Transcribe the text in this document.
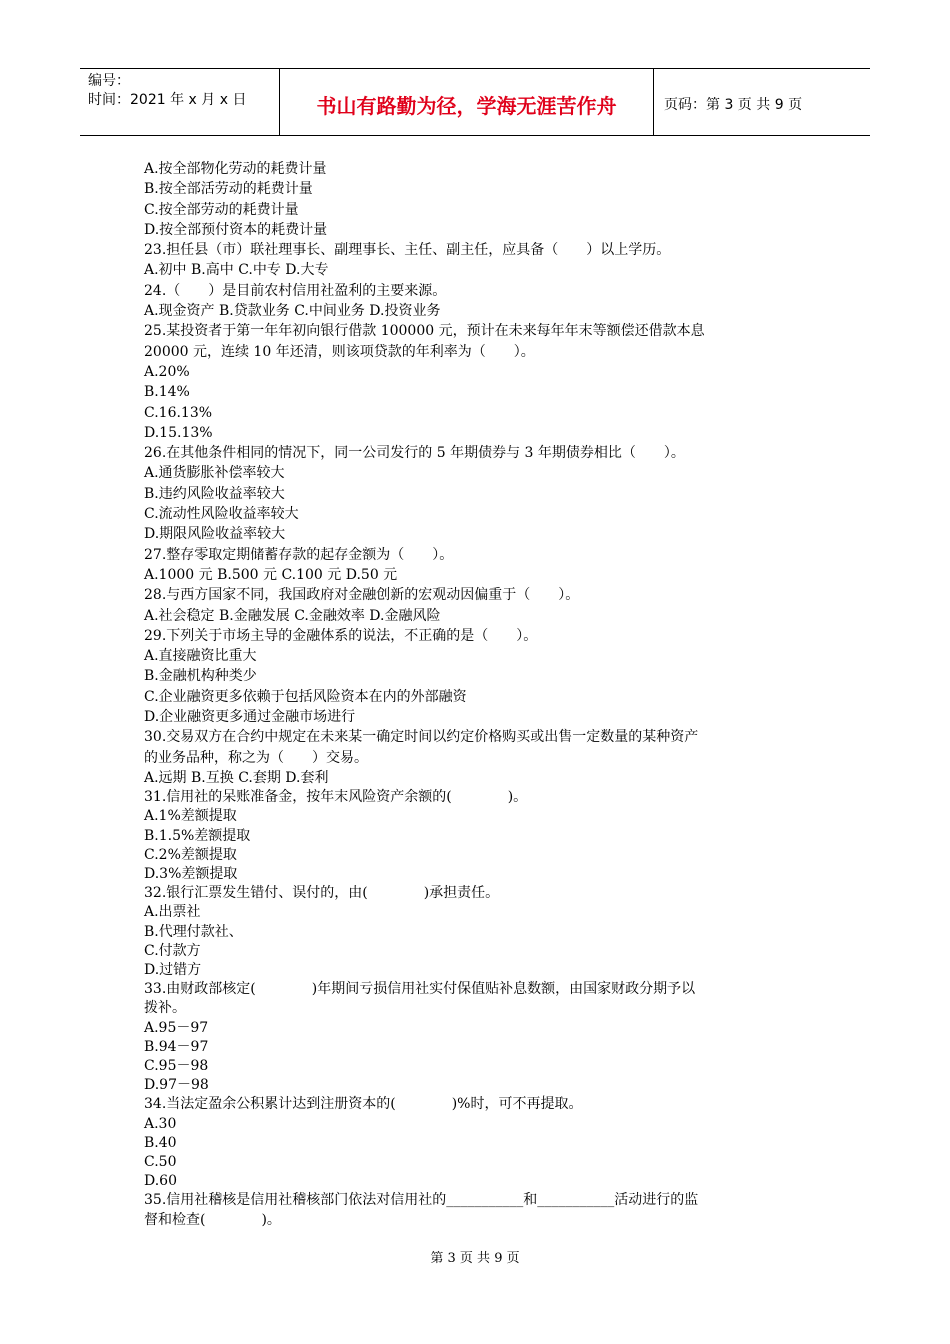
编号：
时间：2021 年 x 月 x 日	书山有路勤为径，学海无涯苦作舟	页码：第 3 页 共 9 页
A.按全部物化劳动的耗费计量
B.按全部活劳动的耗费计量
C.按全部劳动的耗费计量
D.按全部预付资本的耗费计量
23.担任县（市）联社理事长、副理事长、主任、副主任，应具备（　　）以上学历。
A.初中 B.高中 C.中专 D.大专
24.（　　）是目前农村信用社盈利的主要来源。
A.现金资产 B.贷款业务 C.中间业务 D.投资业务
25.某投资者于第一年年初向银行借款 100000 元，预计在未来每年年末等额偿还借款本息
20000 元，连续 10 年还清，则该项贷款的年利率为（　　）。
A.20%
B.14%
C.16.13%
D.15.13%
26.在其他条件相同的情况下，同一公司发行的 5 年期债券与 3 年期债券相比（　　）。
A.通货膨胀补偿率较大
B.违约风险收益率较大
C.流动性风险收益率较大
D.期限风险收益率较大
27.整存零取定期储蓄存款的起存金额为（　　）。
A.1000 元 B.500 元 C.100 元 D.50 元
28.与西方国家不同，我国政府对金融创新的宏观动因偏重于（　　）。
A.社会稳定 B.金融发展 C.金融效率 D.金融风险
29.下列关于市场主导的金融体系的说法，不正确的是（　　）。
A.直接融资比重大
B.金融机构种类少
C.企业融资更多依赖于包括风险资本在内的外部融资
D.企业融资更多通过金融市场进行
30.交易双方在合约中规定在未来某一确定时间以约定价格购买或出售一定数量的某种资产
的业务品种，称之为（　　）交易。
A.远期 B.互换 C.套期 D.套利
31.信用社的呆账准备金，按年末风险资产余额的(　　　　)。
A.1%差额提取
B.1.5%差额提取
C.2%差额提取
D.3%差额提取
32.银行汇票发生错付、误付的，由(　　　　)承担责任。
A.出票社
B.代理付款社、
C.付款方
D.过错方
33.由财政部核定(　　　　)年期间亏损信用社实付保值贴补息数额，由国家财政分期予以
拨补。
A.95－97
B.94－97
C.95－98
D.97－98
34.当法定盈余公积累计达到注册资本的(　　　　)%时，可不再提取。
A.30
B.40
C.50
D.60
35.信用社稽核是信用社稽核部门依法对信用社的___________和___________活动进行的监
督和检查(　　　　)。
第 3 页 共 9 页
